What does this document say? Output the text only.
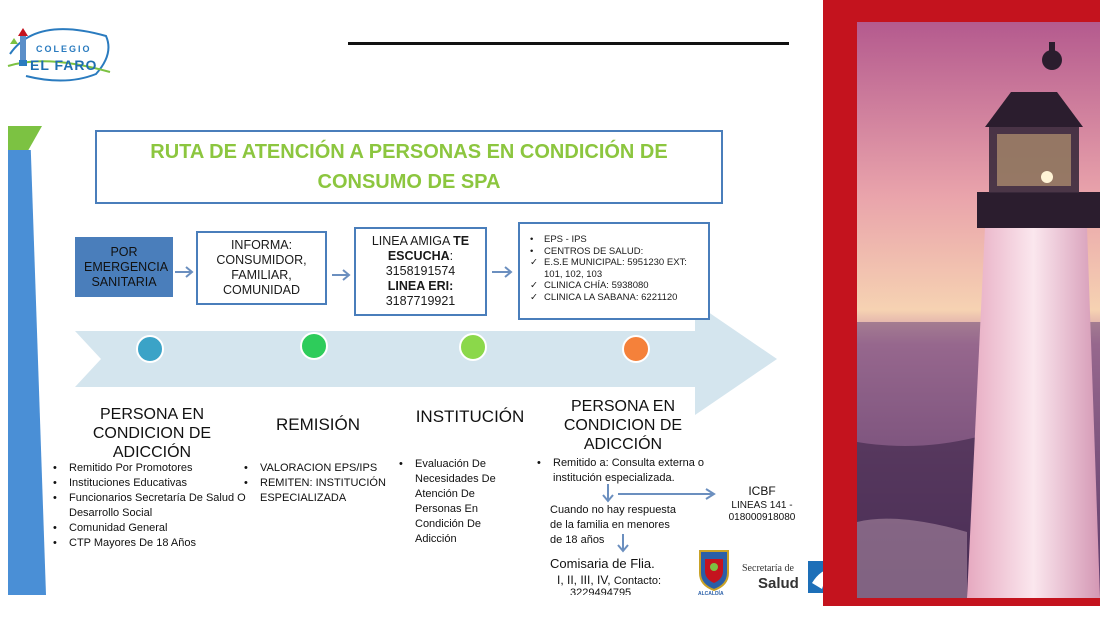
COLEGIO
EL FARO
RUTA DE ATENCIÓN A PERSONAS EN CONDICIÓN DE
CONSUMO DE SPA
POR EMERGENCIA SANITARIA
INFORMA: CONSUMIDOR, FAMILIAR, COMUNIDAD
LINEA AMIGA TE ESCUCHA:
3158191574
LINEA ERI:
3187719921
• EPS - IPS
• CENTROS DE SALUD:
✓ E.S.E MUNICIPAL: 5951230 EXT: 101, 102, 103
✓ CLINICA CHÍA: 5938080
✓ CLINICA LA SABANA: 6221120
PERSONA EN CONDICION DE ADICCIÓN
• Remitido Por Promotores
• Instituciones Educativas
• Funcionarios Secretaría De Salud O Desarrollo Social
• Comunidad General
• CTP Mayores De 18 Años
REMISIÓN
• VALORACION EPS/IPS
• REMITEN: INSTITUCIÓN ESPECIALIZADA
INSTITUCIÓN
• Evaluación De Necesidades De Atención De Personas En Condición De Adicción
PERSONA EN CONDICION DE ADICCIÓN
• Remitido a: Consulta externa o institución especializada.
ICBF
LINEAS 141 - 018000918080
Cuando no hay respuesta de la familia en menores de 18 años
Comisaria de Flia.
I, II, III, IV, Contacto:
3229494795	ALCALDÍA
Secretaría de
Salud
